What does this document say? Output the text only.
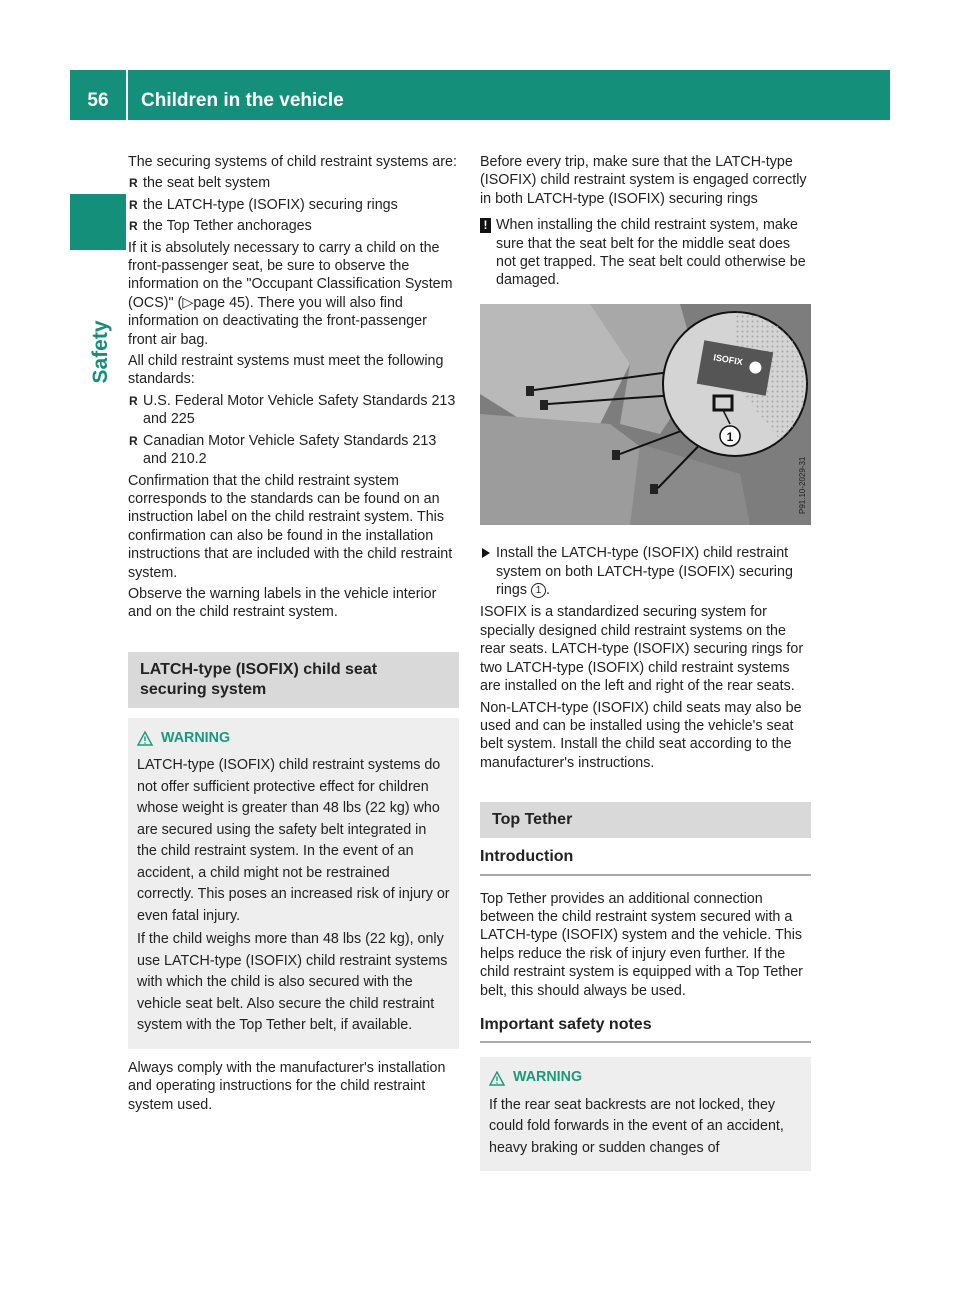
56	Children in the vehicle
Safety

The securing systems of child restraint systems are:

R the seat belt system
R the LATCH-type (ISOFIX) securing rings
R the Top Tether anchorages

If it is absolutely necessary to carry a child on the front-passenger seat, be sure to observe the information on the "Occupant Classification System (OCS)" (▷page 45). There you will also find information on deactivating the front-passenger front air bag.

All child restraint systems must meet the following standards:

R U.S. Federal Motor Vehicle Safety Standards 213 and 225
R Canadian Motor Vehicle Safety Standards 213 and 210.2

Confirmation that the child restraint system corresponds to the standards can be found on an instruction label on the child restraint system. This confirmation can also be found in the installation instructions that are included with the child restraint system.

Observe the warning labels in the vehicle interior and on the child restraint system.

LATCH-type (ISOFIX) child seat securing system
WARNING

LATCH-type (ISOFIX) child restraint systems do not offer sufficient protective effect for children whose weight is greater than 48 lbs (22 kg) who are secured using the safety belt integrated in the child restraint system. In the event of an accident, a child might not be restrained correctly. This poses an increased risk of injury or even fatal injury.

If the child weighs more than 48 lbs (22 kg), only use LATCH-type (ISOFIX) child restraint systems with which the child is also secured with the vehicle seat belt. Also secure the child restraint system with the Top Tether belt, if available.

Always comply with the manufacturer's installation and operating instructions for the child restraint system used.

Before every trip, make sure that the LATCH-type (ISOFIX) child restraint system is engaged correctly in both LATCH-type (ISOFIX) securing rings

! When installing the child restraint system, make sure that the seat belt for the middle seat does not get trapped. The seat belt could otherwise be damaged.
ISOFIX
1
P91.10-2029-31
Install the LATCH-type (ISOFIX) child restraint system on both LATCH-type (ISOFIX) securing rings 1 .

ISOFIX is a standardized securing system for specially designed child restraint systems on the rear seats. LATCH-type (ISOFIX) securing rings for two LATCH-type (ISOFIX) child restraint systems are installed on the left and right of the rear seats.

Non-LATCH-type (ISOFIX) child seats may also be used and can be installed using the vehicle's seat belt system. Install the child seat according to the manufacturer's instructions.

Top Tether
Introduction

Top Tether provides an additional connection between the child restraint system secured with a LATCH-type (ISOFIX) system and the vehicle. This helps reduce the risk of injury even further. If the child restraint system is equipped with a Top Tether belt, this should always be used.

Important safety notes
WARNING

If the rear seat backrests are not locked, they could fold forwards in the event of an accident, heavy braking or sudden changes of
